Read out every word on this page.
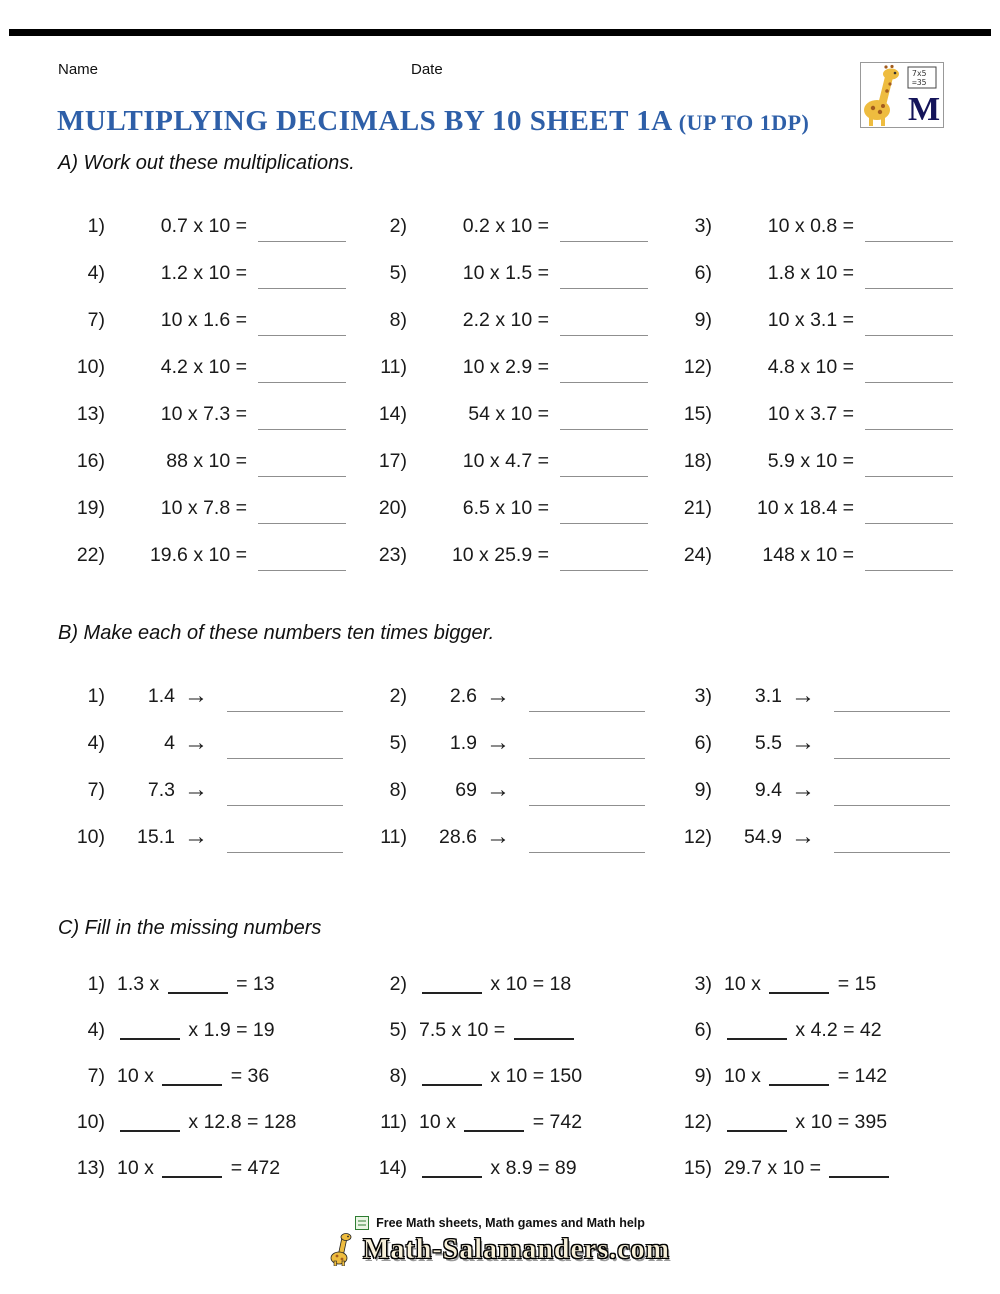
Name	Date	7x5
=35
M
MULTIPLYING DECIMALS BY 10 SHEET 1A (UP TO 1DP)

A) Work out these multiplications.

1)	0.7 x 10 =	2)	0.2 x 10 =	3)	10 x 0.8 =
4)	1.2 x 10 =	5)	10 x 1.5 =	6)	1.8 x 10 =
7)	10 x 1.6 =	8)	2.2 x 10 =	9)	10 x 3.1 =
10)	4.2 x 10 =	11)	10 x 2.9 =	12)	4.8 x 10 =
13)	10 x 7.3 =	14)	54 x 10 =	15)	10 x 3.7 =
16)	88 x 10 =	17)	10 x 4.7 =	18)	5.9 x 10 =
19)	10 x 7.8 =	20)	6.5 x 10 =	21)	10 x 18.4 =
22)	19.6 x 10 =	23)	10 x 25.9 =	24)	148 x 10 =

B) Make each of these numbers ten times bigger.

1)	1.4 →	2)	2.6 →	3)	3.1 →
4)	4 →	5)	1.9 →	6)	5.5 →
7)	7.3 →	8)	69 →	9)	9.4 →
10)	15.1 →	11)	28.6 →	12)	54.9 →

C) Fill in the missing numbers

1) 1.3 x	= 13	2)	x 10 = 18	3) 10 x	= 15
4)	x 1.9 = 19	5) 7.5 x 10 =	6)	x 4.2 = 42
7) 10 x	= 36	8)	x 10 = 150	9) 10 x	= 142
10)	x 12.8 = 128	11) 10 x	= 742	12)	x 10 = 395
13) 10 x	= 472	14)	x 8.9 = 89	15) 29.7 x 10 =
Free Math sheets, Math games and Math help
Math-Salamanders.com
